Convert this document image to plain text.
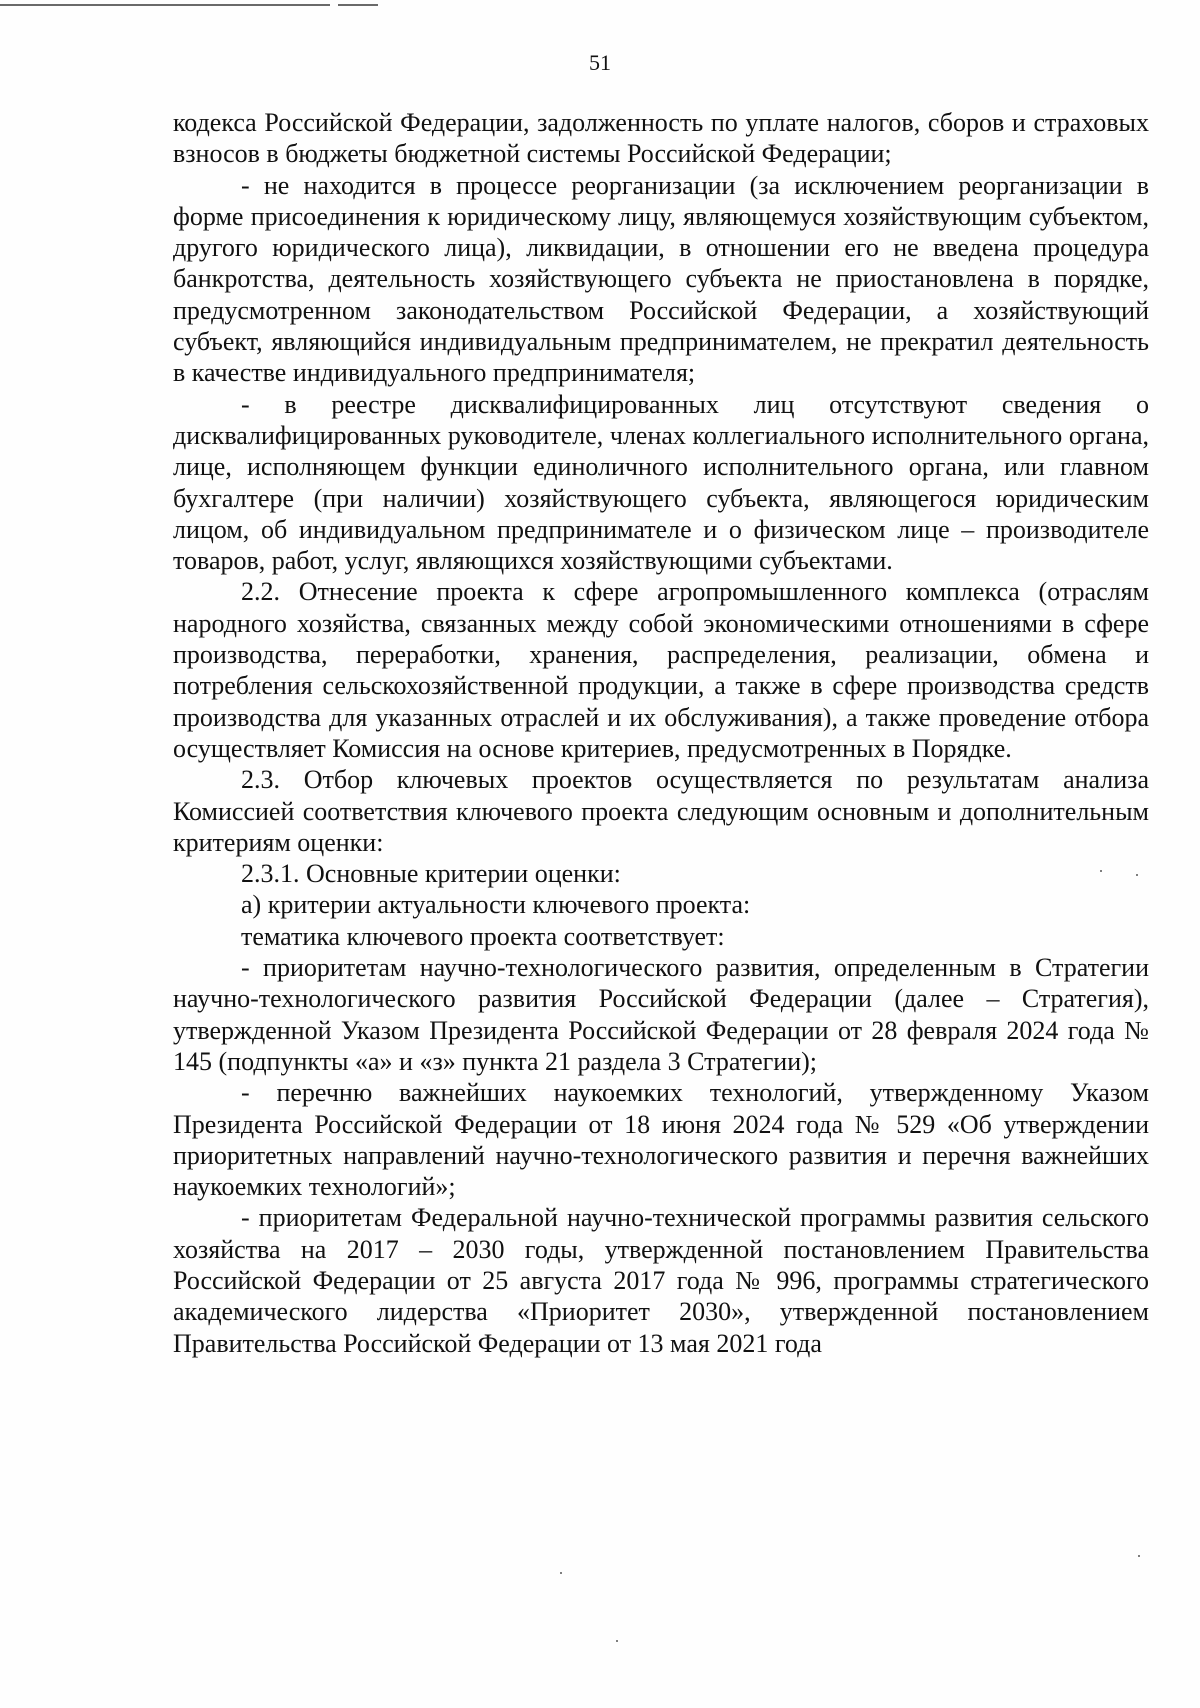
51

кодекса Российской Федерации, задолженность по уплате налогов, сборов и страховых взносов в бюджеты бюджетной системы Российской Федерации;

- не находится в процессе реорганизации (за исключением реорганизации в форме присоединения к юридическому лицу, являющемуся хозяйствующим субъектом, другого юридического лица), ликвидации, в отношении его не введена процедура банкротства, деятельность хозяйствующего субъекта не приостановлена в порядке, предусмотренном законодательством Российской Федерации, а хозяйствующий субъект, являющийся индивидуальным предпринимателем, не прекратил деятельность в качестве индивидуального предпринимателя;

- в реестре дисквалифицированных лиц отсутствуют сведения о дисквалифицированных руководителе, членах коллегиального исполнительного органа, лице, исполняющем функции единоличного исполнительного органа, или главном бухгалтере (при наличии) хозяйствующего субъекта, являющегося юридическим лицом, об индивидуальном предпринимателе и о физическом лице – производителе товаров, работ, услуг, являющихся хозяйствующими субъектами.

2.2. Отнесение проекта к сфере агропромышленного комплекса (отраслям народного хозяйства, связанных между собой экономическими отношениями в сфере производства, переработки, хранения, распределения, реализации, обмена и потребления сельскохозяйственной продукции, а также в сфере производства средств производства для указанных отраслей и их обслуживания), а также проведение отбора осуществляет Комиссия на основе критериев, предусмотренных в Порядке.

2.3. Отбор ключевых проектов осуществляется по результатам анализа Комиссией соответствия ключевого проекта следующим основным и дополнительным критериям оценки:

2.3.1. Основные критерии оценки:

а) критерии актуальности ключевого проекта:

тематика ключевого проекта соответствует:

- приоритетам научно-технологического развития, определенным в Стратегии научно-технологического развития Российской Федерации (далее – Стратегия), утвержденной Указом Президента Российской Федерации от 28 февраля 2024 года № 145 (подпункты «а» и «з» пункта 21 раздела 3 Стратегии);

- перечню важнейших наукоемких технологий, утвержденному Указом Президента Российской Федерации от 18 июня 2024 года № 529 «Об утверждении приоритетных направлений научно-технологического развития и перечня важнейших наукоемких технологий»;

- приоритетам Федеральной научно-технической программы развития сельского хозяйства на 2017 – 2030 годы, утвержденной постановлением Правительства Российской Федерации от 25 августа 2017 года № 996, программы стратегического академического лидерства «Приоритет 2030», утвержденной постановлением Правительства Российской Федерации от 13 мая 2021 года
